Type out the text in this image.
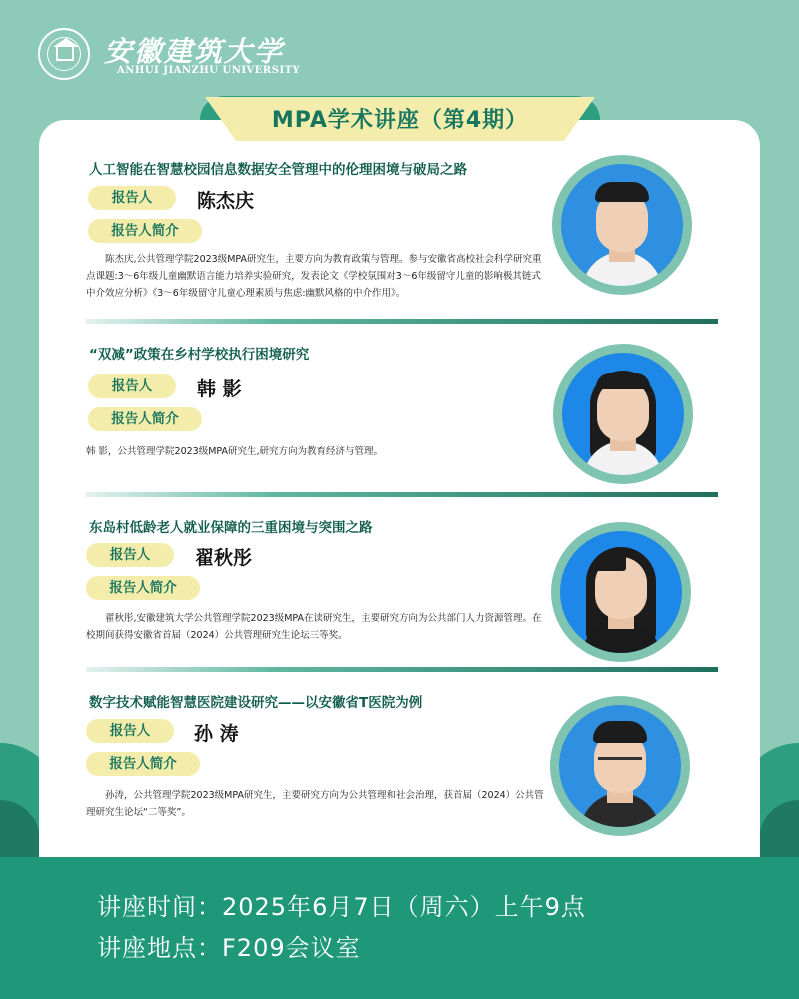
安徽建筑大学
ANHUI JIANZHU UNIVERSITY
MPA学术讲座（第4期）
人工智能在智慧校园信息数据安全管理中的伦理困境与破局之路
报告人	陈杰庆
报告人简介
陈杰庆,公共管理学院2023级MPA研究生，主要方向为教育政策与管理。参与安徽省高校社会科学研究重点课题:3～6年级儿童幽默语言能力培养实验研究，发表论文《学校氛围对3～6年级留守儿童的影响极其链式中介效应分析》《3～6年级留守儿童心理素质与焦虑:幽默风格的中介作用》。
“双减”政策在乡村学校执行困境研究
报告人	韩 影
报告人简介
韩 影，公共管理学院2023级MPA研究生,研究方向为教育经济与管理。
东岛村低龄老人就业保障的三重困境与突围之路
报告人	翟秋彤
报告人简介
翟秋彤,安徽建筑大学公共管理学院2023级MPA在读研究生，主要研究方向为公共部门人力资源管理。在校期间获得安徽省首届（2024）公共管理研究生论坛三等奖。
数字技术赋能智慧医院建设研究——以安徽省T医院为例
报告人	孙 涛
报告人简介
孙涛，公共管理学院2023级MPA研究生，主要研究方向为公共管理和社会治理，获首届（2024）公共管理研究生论坛“二等奖”。
讲座时间：2025年6月7日（周六）上午9点
讲座地点：F209会议室
